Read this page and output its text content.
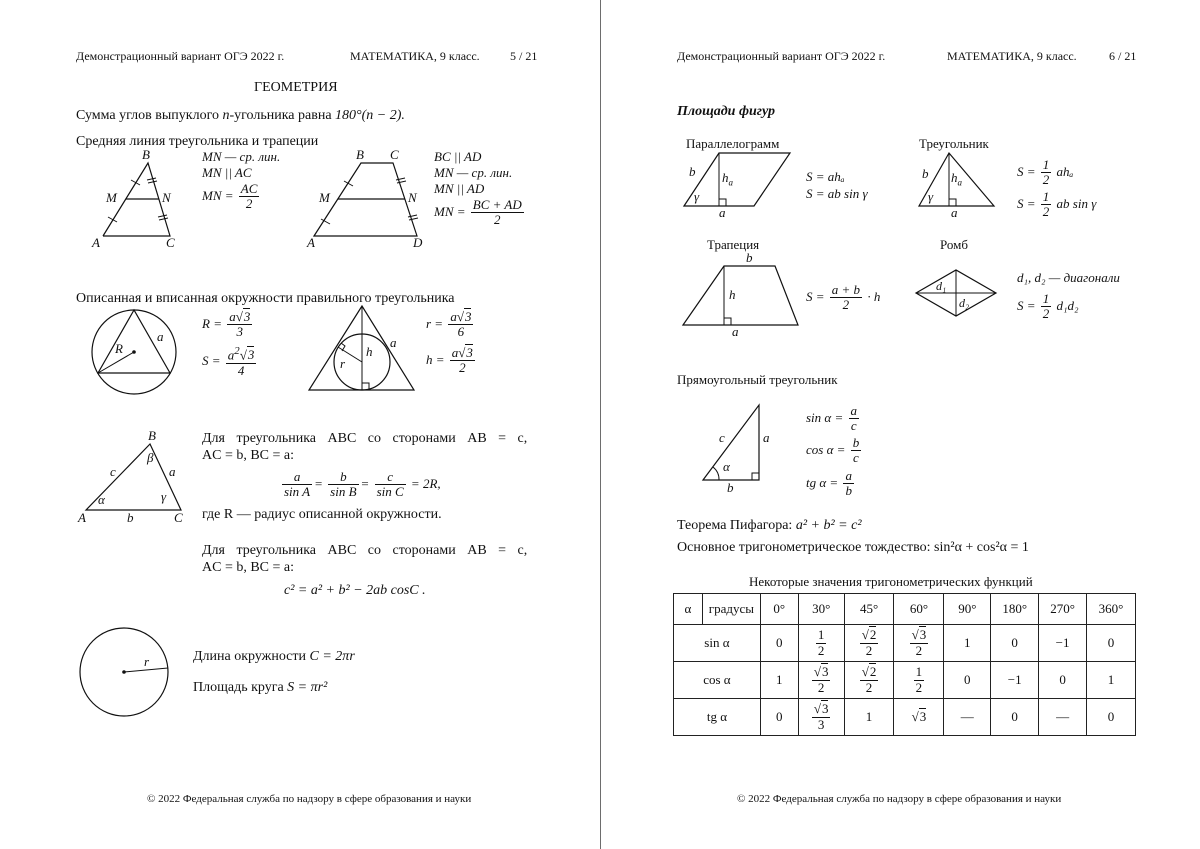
Демонстрационный вариант ОГЭ 2022 г.	МАТЕМАТИКА, 9 класс.	5 / 21
ГЕОМЕТРИЯ
Сумма углов выпуклого n-угольника равна 180°(n − 2).
Средняя линия треугольника и трапеции
B
M	N
A	C
MN — ср. лин.
MN || AC
MN = $\frac{AC}{2}$
B C
M	N
A	D
BC || AD
MN — ср. лин.
MN || AD
MN = $\frac{BC + AD}{2}$
Описанная и вписанная окружности правильного треугольника
R
a
$R = \frac{a√3}{3}$
$S = \frac{a^2√3}{4}$	r
h
a
$r = \frac{a√3}{6}$
$h = \frac{a√3}{2}$
B
β
c	a
α	γ
A	b	C
Для треугольника ABC со сторонами AB = c,
AC = b, BC = a:
$\frac{a}{\text{sin A}} = \frac{b}{\text{sin B}} = \frac{c}{\text{sin C}} = 2R$,
где R — радиус описанной окружности.
Для треугольника ABC со сторонами AB = c,
AC = b, BC = a:
c² = a² + b² − 2ab cosC .
r	Длина окружности C = 2πr
Площадь круга S = πr²
© 2022 Федеральная служба по надзору в сфере образования и науки
Демонстрационный вариант ОГЭ 2022 г.	МАТЕМАТИКА, 9 класс.	6 / 21
Площади фигур
Параллелограмм
b $h_a$
γ
a
S = ahₐ
S = ab sin γ
Треугольник
b $h_a$
γ
a
$S = \frac{1}{2}$ ahₐ
$S = \frac{1}{2}$ ab sin γ
Трапеция
b
h
a
$S = \frac{a + b}{2} \cdot h$
Ромб
d₁
d₂
d₁, d₂ — диагонали
$S = \frac{1}{2} d_1d_2$
Прямоугольный треугольник
c	a
α
b
$\sin \alpha = \frac{a}{c}$
$\cos \alpha = \frac{b}{c}$
tg $\alpha = \frac{a}{b}$
Теорема Пифагора: a² + b² = c²
Основное тригонометрическое тождество: sin²α + cos²α = 1
Некоторые значения тригонометрических функций
α	градусы	0°	30°	45°	60°	90°	180°	270°	360°
sin α		0	$\frac{1}{2}$	$\frac{√2}{2}$	$\frac{√3}{2}$	1	0	−1	0
cos α		1	$\frac{√3}{2}$	$\frac{√2}{2}$	$\frac{1}{2}$	0	−1	0	1
tg α		0	$\frac{√3}{3}$	1	√3	—	0	—	0
© 2022 Федеральная служба по надзору в сфере образования и науки
